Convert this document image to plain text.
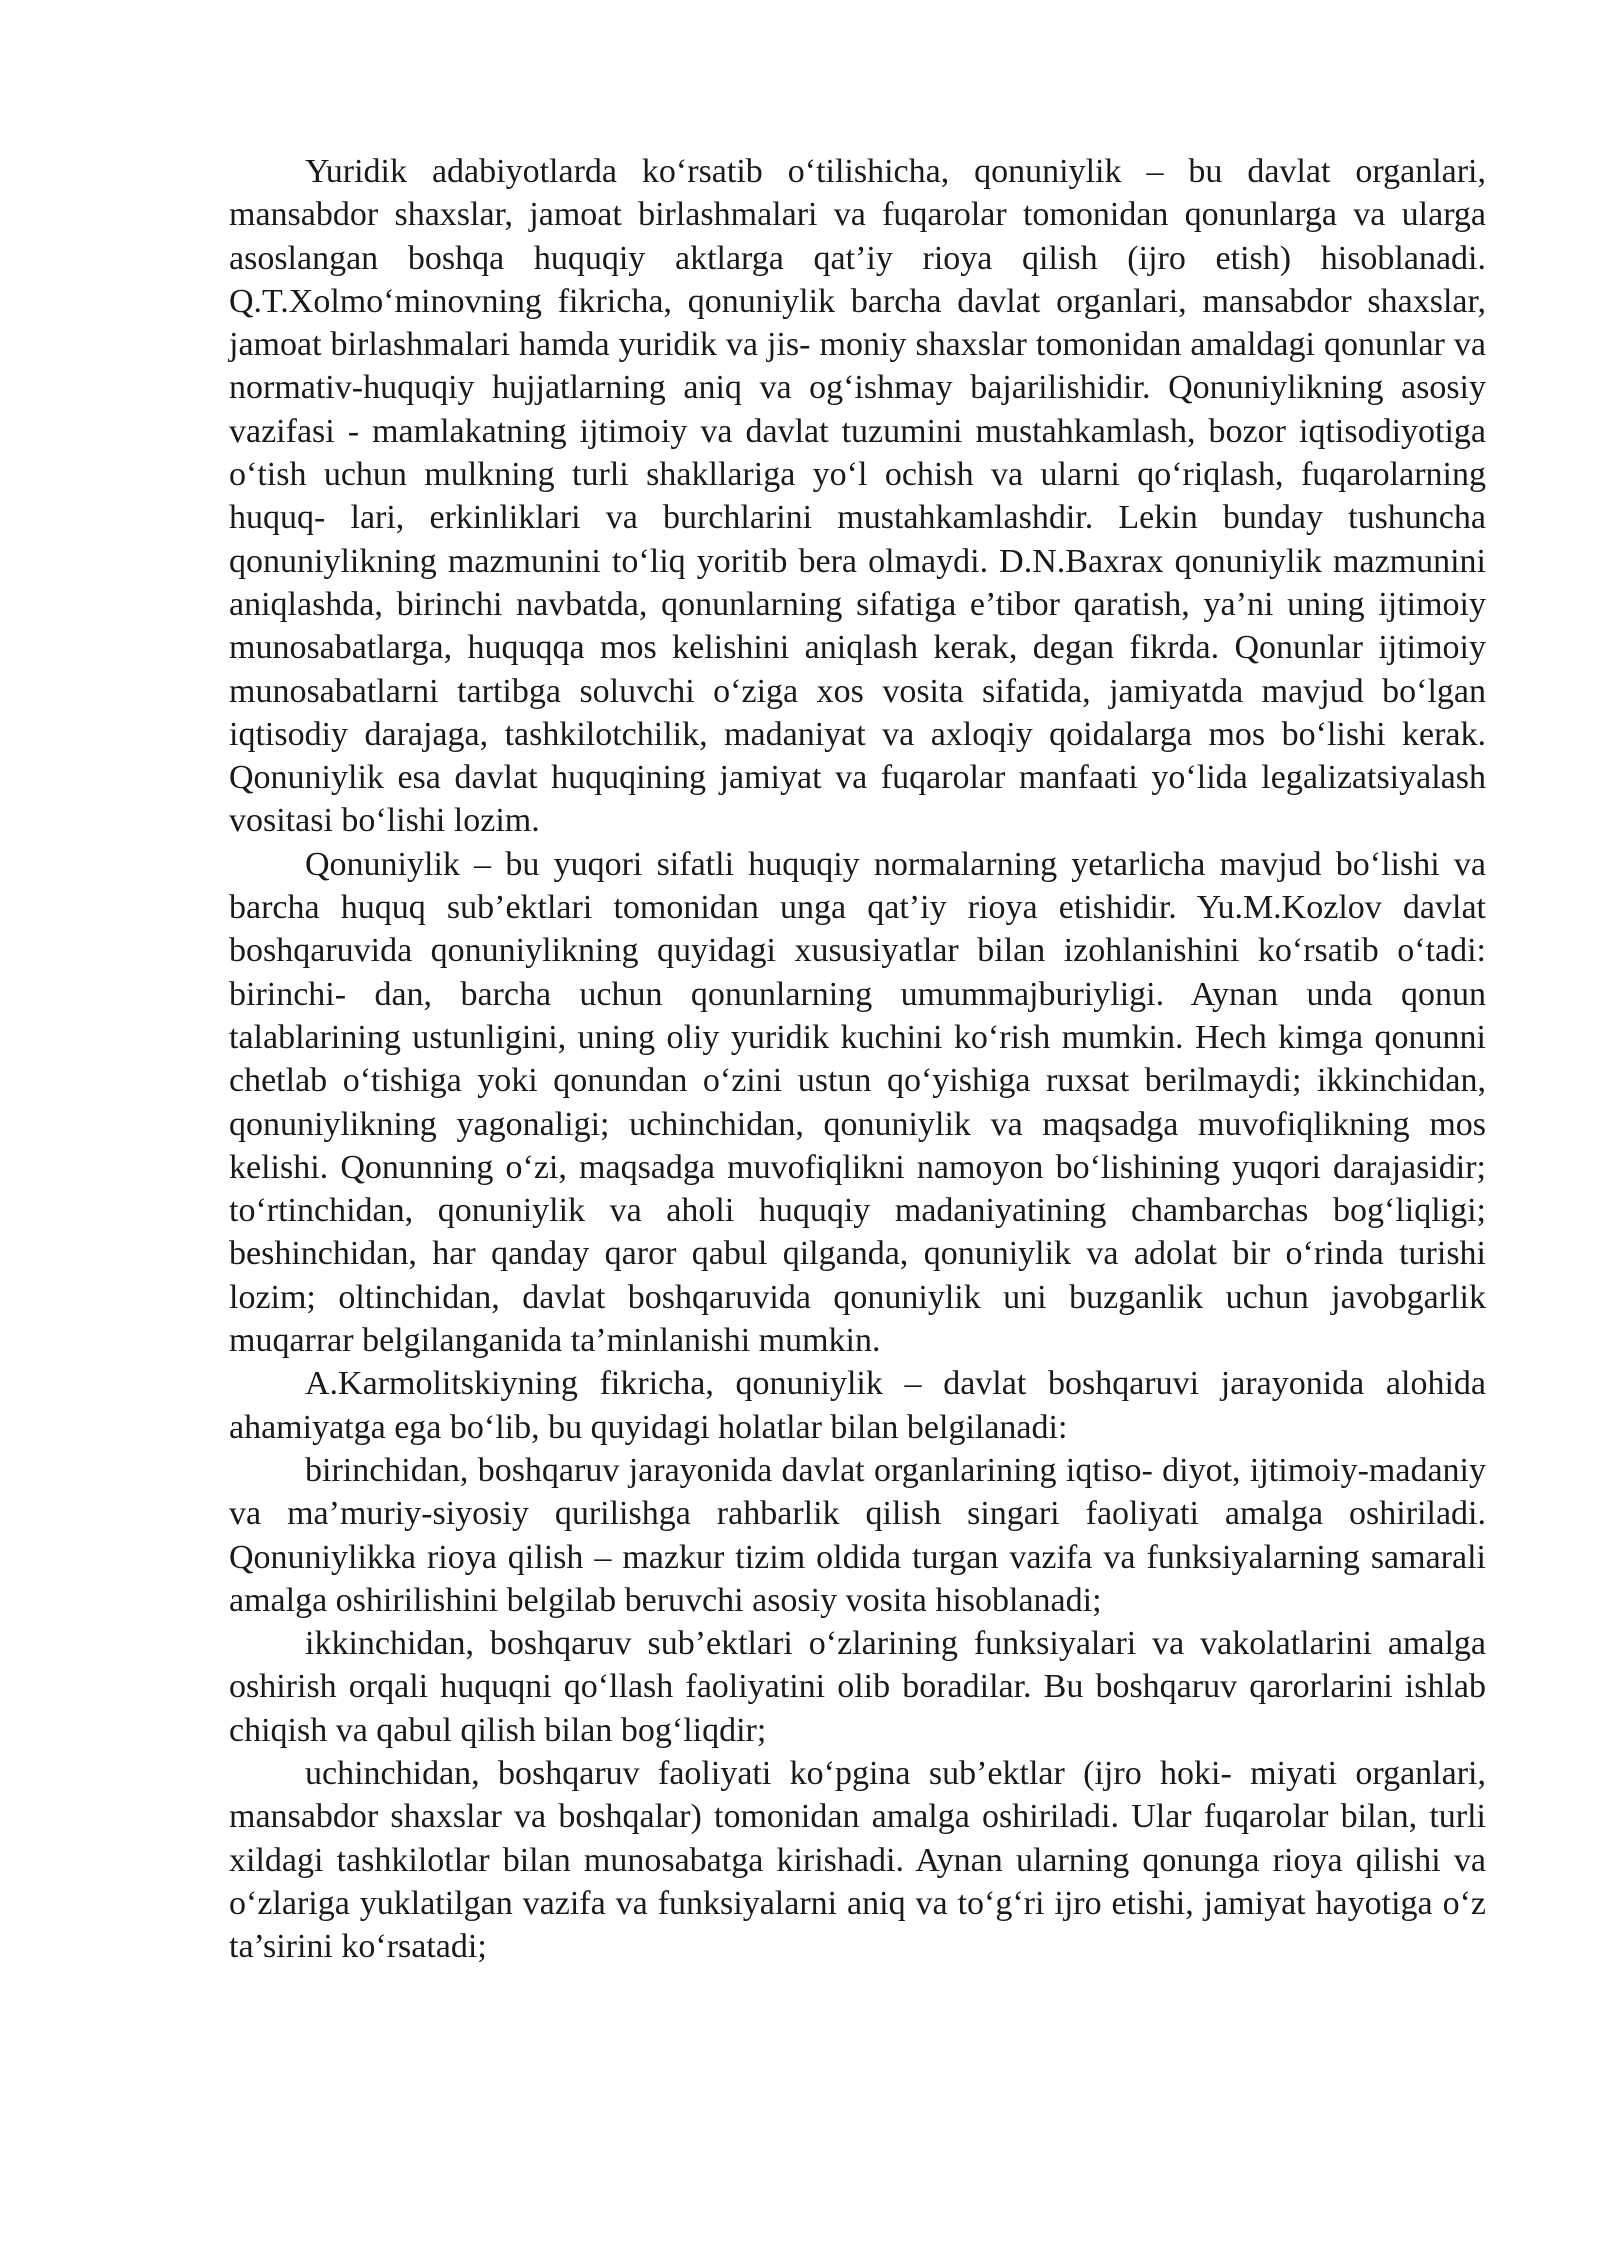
Yuridik adabiyotlarda ko‘rsatib o‘tilishicha, qonuniylik – bu davlat organlari, mansabdor shaxslar, jamoat birlashmalari va fuqarolar tomonidan qonunlarga va ularga asoslangan boshqa huquqiy aktlarga qat’iy rioya qilish (ijro etish) hisoblanadi. Q.T.Xolmo‘minovning fikricha, qonuniylik barcha davlat organlari, mansabdor shaxslar, jamoat birlashmalari hamda yuridik va jis- moniy shaxslar tomonidan amaldagi qonunlar va normativ-huquqiy hujjatlarning aniq va og‘ishmay bajarilishidir. Qonuniylikning asosiy vazifasi - mamlakatning ijtimoiy va davlat tuzumini mustahkamlash, bozor iqtisodiyotiga o‘tish uchun mulkning turli shakllariga yo‘l ochish va ularni qo‘riqlash, fuqarolarning huquq- lari, erkinliklari va burchlarini mustahkamlashdir. Lekin bunday tushuncha qonuniylikning mazmunini to‘liq yoritib bera olmaydi. D.N.Baxrax qonuniylik mazmunini aniqlashda, birinchi navbatda, qonunlarning sifatiga e’tibor qaratish, ya’ni uning ijtimoiy munosabatlarga, huquqqa mos kelishini aniqlash kerak, degan fikrda. Qonunlar ijtimoiy munosabatlarni tartibga soluvchi o‘ziga xos vosita sifatida, jamiyatda mavjud bo‘lgan iqtisodiy darajaga, tashkilotchilik, madaniyat va axloqiy qoidalarga mos bo‘lishi kerak. Qonuniylik esa davlat huquqining jamiyat va fuqarolar manfaati yo‘lida legalizatsiyalash vositasi bo‘lishi lozim.

Qonuniylik – bu yuqori sifatli huquqiy normalarning yetarlicha mavjud bo‘lishi va barcha huquq sub’ektlari tomonidan unga qat’iy rioya etishidir. Yu.M.Kozlov davlat boshqaruvida qonuniylikning quyidagi xususiyatlar bilan izohlanishini ko‘rsatib o‘tadi: birinchi- dan, barcha uchun qonunlarning umummajburiyligi. Aynan unda qonun talablarining ustunligini, uning oliy yuridik kuchini ko‘rish mumkin. Hech kimga qonunni chetlab o‘tishiga yoki qonundan o‘zini ustun qo‘yishiga ruxsat berilmaydi; ikkinchidan, qonuniylikning yagonaligi; uchinchidan, qonuniylik va maqsadga muvofiqlikning mos kelishi. Qonunning o‘zi, maqsadga muvofiqlikni namoyon bo‘lishining yuqori darajasidir; to‘rtinchidan, qonuniylik va aholi huquqiy madaniyatining chambarchas bog‘liqligi; beshinchidan, har qanday qaror qabul qilganda, qonuniylik va adolat bir o‘rinda turishi lozim; oltinchidan, davlat boshqaruvida qonuniylik uni buzganlik uchun javobgarlik muqarrar belgilanganida ta’minlanishi mumkin.

A.Karmolitskiyning fikricha, qonuniylik – davlat boshqaruvi jarayonida alohida ahamiyatga ega bo‘lib, bu quyidagi holatlar bilan belgilanadi:

birinchidan, boshqaruv jarayonida davlat organlarining iqtiso- diyot, ijtimoiy-madaniy va ma’muriy-siyosiy qurilishga rahbarlik qilish singari faoliyati amalga oshiriladi. Qonuniylikka rioya qilish – mazkur tizim oldida turgan vazifa va funksiyalarning samarali amalga oshirilishini belgilab beruvchi asosiy vosita hisoblanadi;

ikkinchidan, boshqaruv sub’ektlari o‘zlarining funksiyalari va vakolatlarini amalga oshirish orqali huquqni qo‘llash faoliyatini olib boradilar. Bu boshqaruv qarorlarini ishlab chiqish va qabul qilish bilan bog‘liqdir;

uchinchidan, boshqaruv faoliyati ko‘pgina sub’ektlar (ijro hoki- miyati organlari, mansabdor shaxslar va boshqalar) tomonidan amalga oshiriladi. Ular fuqarolar bilan, turli xildagi tashkilotlar bilan munosabatga kirishadi. Aynan ularning qonunga rioya qilishi va o‘zlariga yuklatilgan vazifa va funksiyalarni aniq va to‘g‘ri ijro etishi, jamiyat hayotiga o‘z ta’sirini ko‘rsatadi;
